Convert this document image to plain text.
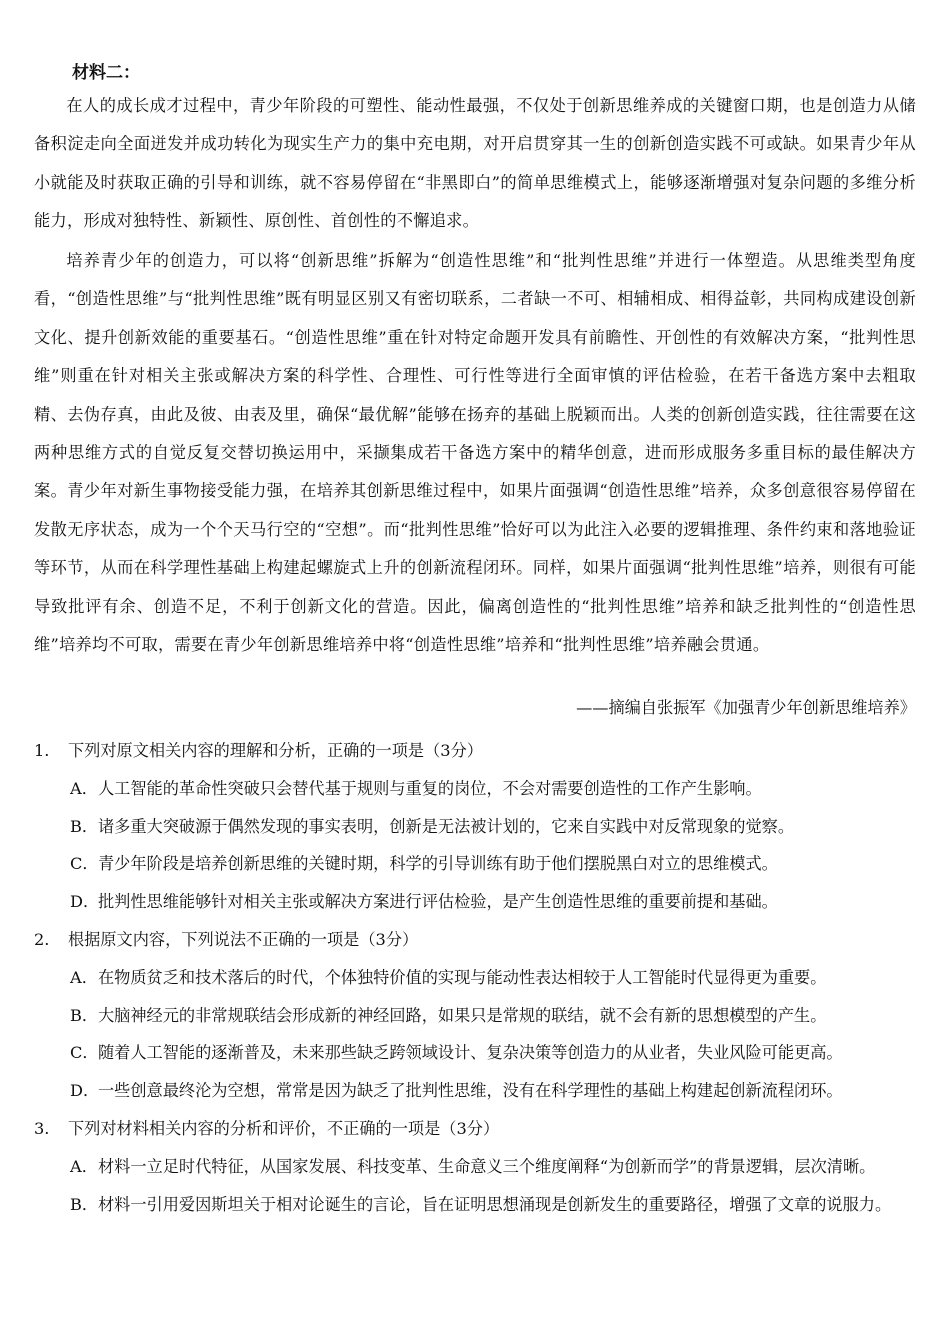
材料二：
在人的成长成才过程中，青少年阶段的可塑性、能动性最强，不仅处于创新思维养成的关键窗口期，也是创造力从储备积淀走向全面迸发并成功转化为现实生产力的集中充电期，对开启贯穿其一生的创新创造实践不可或缺。如果青少年从小就能及时获取正确的引导和训练，就不容易停留在“非黑即白”的简单思维模式上，能够逐渐增强对复杂问题的多维分析能力，形成对独特性、新颖性、原创性、首创性的不懈追求。
培养青少年的创造力，可以将“创新思维”拆解为“创造性思维”和“批判性思维”并进行一体塑造。从思维类型角度看，“创造性思维”与“批判性思维”既有明显区别又有密切联系，二者缺一不可、相辅相成、相得益彰，共同构成建设创新文化、提升创新效能的重要基石。“创造性思维”重在针对特定命题开发具有前瞻性、开创性的有效解决方案，“批判性思维”则重在针对相关主张或解决方案的科学性、合理性、可行性等进行全面审慎的评估检验，在若干备选方案中去粗取精、去伪存真，由此及彼、由表及里，确保“最优解”能够在扬弃的基础上脱颖而出。人类的创新创造实践，往往需要在这两种思维方式的自觉反复交替切换运用中，采撷集成若干备选方案中的精华创意，进而形成服务多重目标的最佳解决方案。青少年对新生事物接受能力强，在培养其创新思维过程中，如果片面强调“创造性思维”培养，众多创意很容易停留在发散无序状态，成为一个个天马行空的“空想”。而“批判性思维”恰好可以为此注入必要的逻辑推理、条件约束和落地验证等环节，从而在科学理性基础上构建起螺旋式上升的创新流程闭环。同样，如果片面强调“批判性思维”培养，则很有可能导致批评有余、创造不足，不利于创新文化的营造。因此，偏离创造性的“批判性思维”培养和缺乏批判性的“创造性思维”培养均不可取，需要在青少年创新思维培养中将“创造性思维”培养和“批判性思维”培养融会贯通。
——摘编自张振军《加强青少年创新思维培养》
1. 下列对原文相关内容的理解和分析，正确的一项是（3分）
A． 人工智能的革命性突破只会替代基于规则与重复的岗位，不会对需要创造性的工作产生影响。
B． 诸多重大突破源于偶然发现的事实表明，创新是无法被计划的，它来自实践中对反常现象的觉察。
C． 青少年阶段是培养创新思维的关键时期，科学的引导训练有助于他们摆脱黑白对立的思维模式。
D．
批判性思维能够针对相关主张或解决方案进行评估检验，是产生创造性思维的重要前提和基础。
2. 根据原文内容，下列说法不正确的一项是（3分）
A． 在物质贫乏和技术落后的时代，个体独特价值的实现与能动性表达相较于人工智能时代显得更为重要。
B． 大脑神经元的非常规联结会形成新的神经回路，如果只是常规的联结，就不会有新的思想模型的产生。
C． 随着人工智能的逐渐普及，未来那些缺乏跨领域设计、复杂决策等创造力的从业者，失业风险可能更高。
D．
一些创意最终沦为空想，常常是因为缺乏了批判性思维，没有在科学理性的基础上构建起创新流程闭环。
3. 下列对材料相关内容的分析和评价，不正确的一项是（3分）
A． 材料一立足时代特征，从国家发展、科技变革、生命意义三个维度阐释“为创新而学”的背景逻辑，层次清晰。
B． 材料一引用爱因斯坦关于相对论诞生的言论，旨在证明思想涌现是创新发生的重要路径，增强了文章的说服力。
